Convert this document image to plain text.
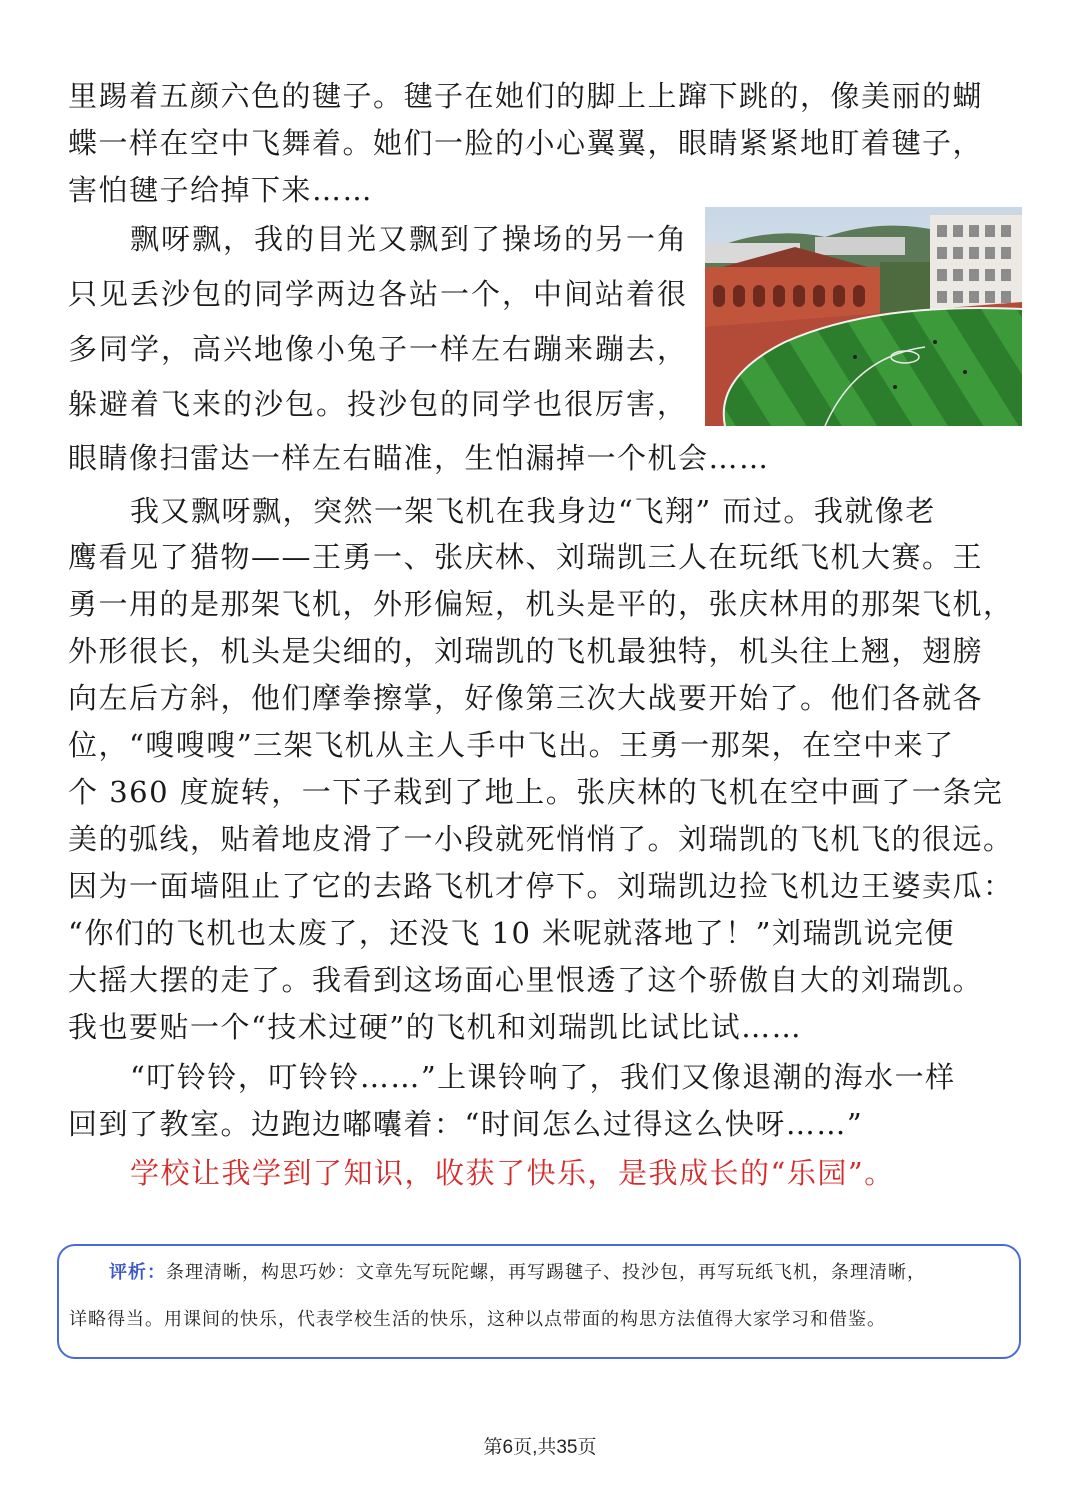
里踢着五颜六色的毽子。毽子在她们的脚上上蹿下跳的，像美丽的蝴
蝶一样在空中飞舞着。她们一脸的小心翼翼，眼睛紧紧地盯着毽子，
害怕毽子给掉下来……
飘呀飘，我的目光又飘到了操场的另一角
只见丢沙包的同学两边各站一个，中间站着很
多同学，高兴地像小兔子一样左右蹦来蹦去，
躲避着飞来的沙包。投沙包的同学也很厉害，
眼睛像扫雷达一样左右瞄准，生怕漏掉一个机会……
我又飘呀飘，突然一架飞机在我身边“飞翔” 而过。我就像老
鹰看见了猎物——王勇一、张庆林、刘瑞凯三人在玩纸飞机大赛。王
勇一用的是那架飞机，外形偏短，机头是平的，张庆林用的那架飞机，
外形很长，机头是尖细的，刘瑞凯的飞机最独特，机头往上翘，翅膀
向左后方斜，他们摩拳擦掌，好像第三次大战要开始了。他们各就各
位，“嗖嗖嗖”三架飞机从主人手中飞出。王勇一那架，在空中来了
个 360 度旋转，一下子栽到了地上。张庆林的飞机在空中画了一条完
美的弧线，贴着地皮滑了一小段就死悄悄了。刘瑞凯的飞机飞的很远。
因为一面墙阻止了它的去路飞机才停下。刘瑞凯边捡飞机边王婆卖瓜：
“你们的飞机也太废了，还没飞 10 米呢就落地了！”刘瑞凯说完便
大摇大摆的走了。我看到这场面心里恨透了这个骄傲自大的刘瑞凯。
我也要贴一个“技术过硬”的飞机和刘瑞凯比试比试……
“叮铃铃，叮铃铃……”上课铃响了，我们又像退潮的海水一样
回到了教室。边跑边嘟囔着：“时间怎么过得这么快呀……”
学校让我学到了知识，收获了快乐，是我成长的“乐园”。
评析：条理清晰，构思巧妙：文章先写玩陀螺，再写踢毽子、投沙包，再写玩纸飞机，条理清晰，
详略得当。用课间的快乐，代表学校生活的快乐，这种以点带面的构思方法值得大家学习和借鉴。
第6页,共35页
